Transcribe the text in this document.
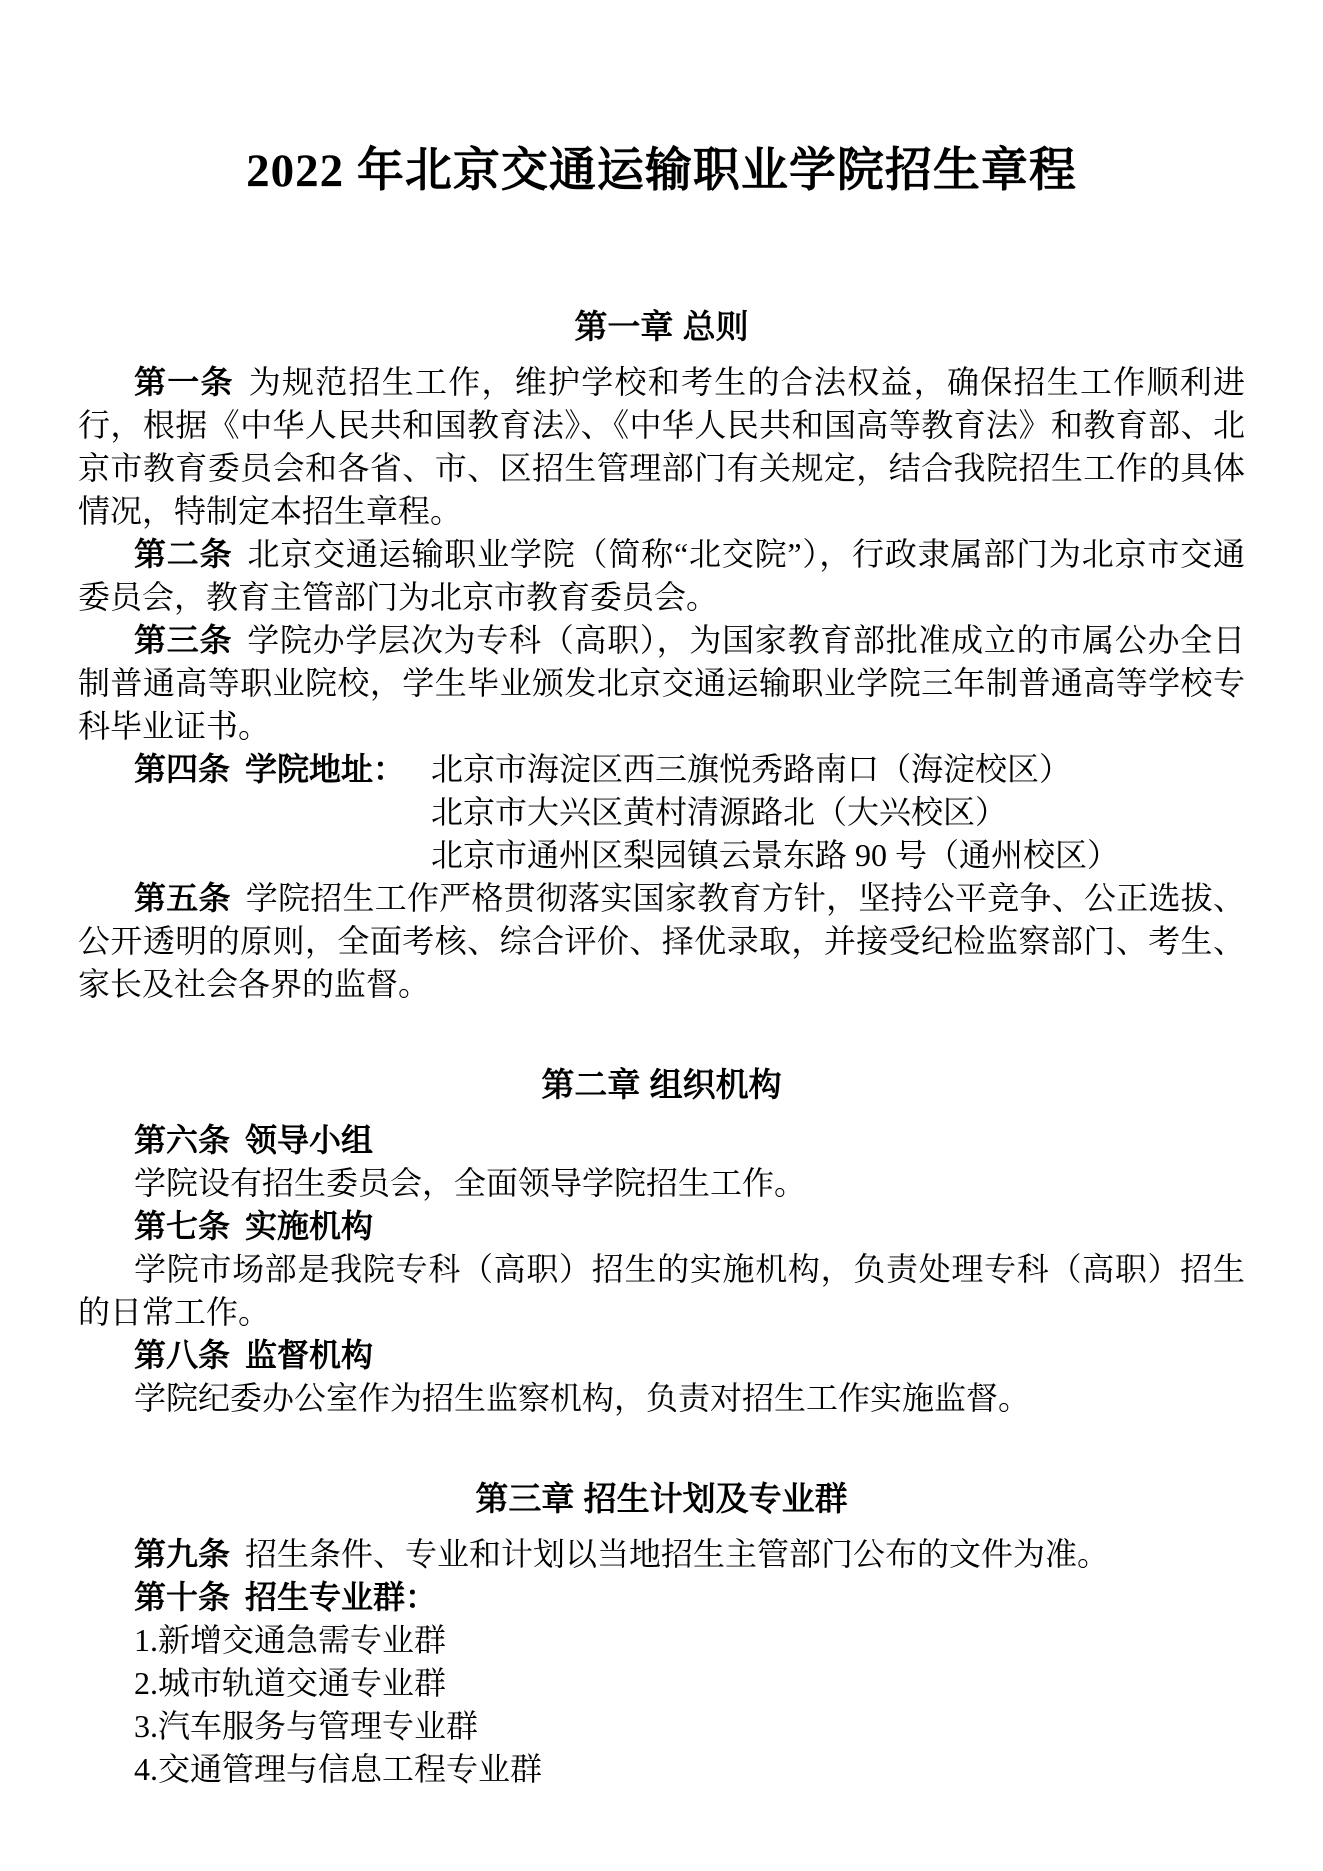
2022 年北京交通运输职业学院招生章程
第一章 总则

第一条 为规范招生工作，维护学校和考生的合法权益，确保招生工作顺利进行，根据《中华人民共和国教育法》、《中华人民共和国高等教育法》和教育部、北京市教育委员会和各省、市、区招生管理部门有关规定，结合我院招生工作的具体情况，特制定本招生章程。

第二条 北京交通运输职业学院（简称“北交院”），行政隶属部门为北京市交通委员会，教育主管部门为北京市教育委员会。

第三条 学院办学层次为专科（高职），为国家教育部批准成立的市属公办全日制普通高等职业院校，学生毕业颁发北京交通运输职业学院三年制普通高等学校专科毕业证书。

第四条 学院地址： 北京市海淀区西三旗悦秀路南口（海淀校区）
北京市大兴区黄村清源路北（大兴校区）
北京市通州区梨园镇云景东路 90 号（通州校区）

第五条 学院招生工作严格贯彻落实国家教育方针，坚持公平竞争、公正选拔、公开透明的原则，全面考核、综合评价、择优录取，并接受纪检监察部门、考生、家长及社会各界的监督。

第二章 组织机构

第六条 领导小组

学院设有招生委员会，全面领导学院招生工作。

第七条 实施机构

学院市场部是我院专科（高职）招生的实施机构，负责处理专科（高职）招生的日常工作。

第八条 监督机构

学院纪委办公室作为招生监察机构，负责对招生工作实施监督。

第三章 招生计划及专业群

第九条 招生条件、专业和计划以当地招生主管部门公布的文件为准。

第十条 招生专业群：

1.新增交通急需专业群

2.城市轨道交通专业群

3.汽车服务与管理专业群

4.交通管理与信息工程专业群
